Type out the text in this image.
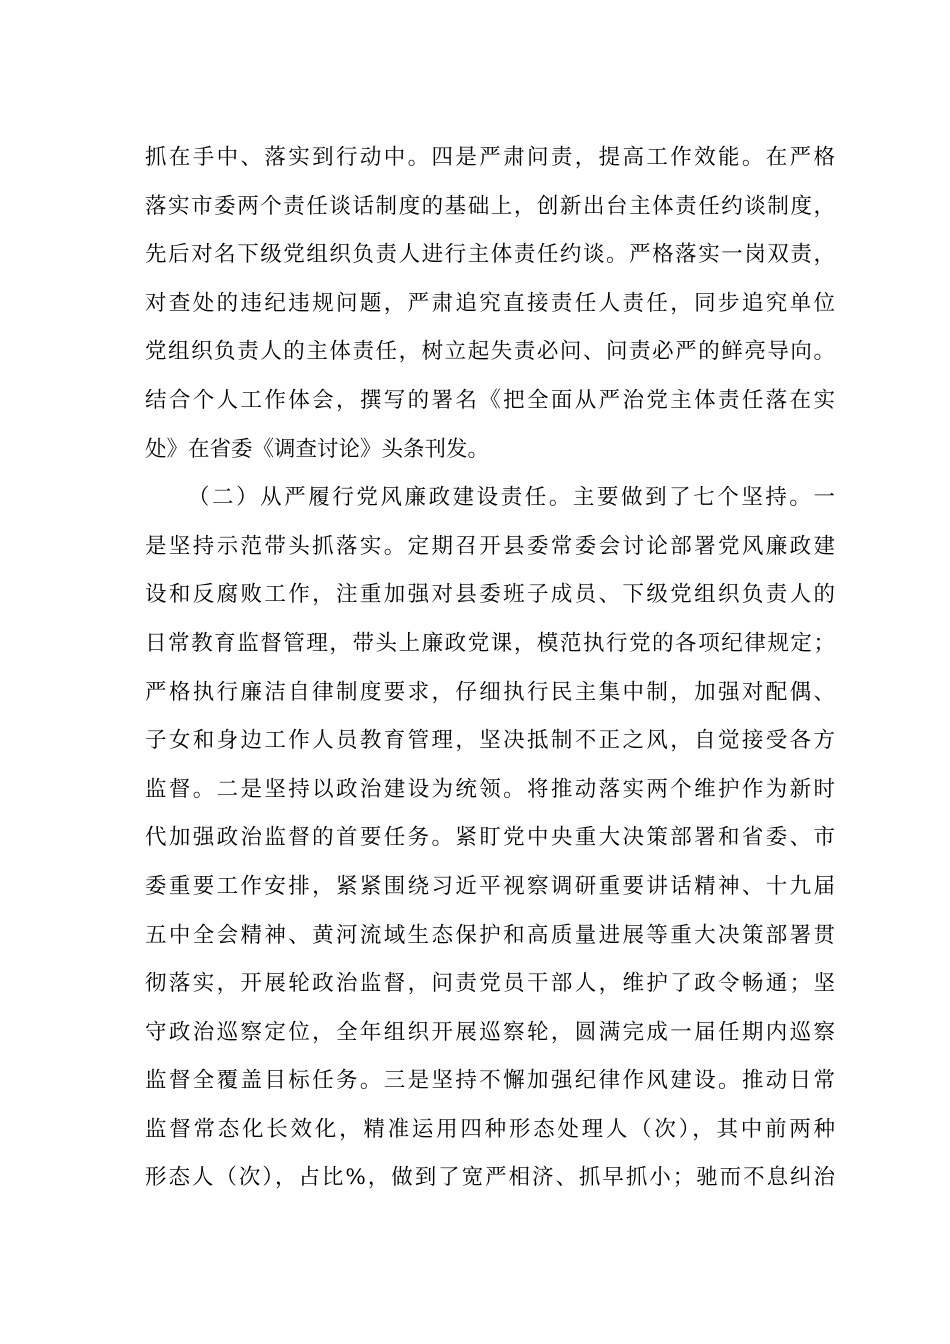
抓在手中、落实到行动中。四是严肃问责，提高工作效能。在严格
落实市委两个责任谈话制度的基础上，创新出台主体责任约谈制度，
先后对名下级党组织负责人进行主体责任约谈。严格落实一岗双责，
对查处的违纪违规问题，严肃追究直接责任人责任，同步追究单位
党组织负责人的主体责任，树立起失责必问、问责必严的鲜亮导向。
结合个人工作体会，撰写的署名《把全面从严治党主体责任落在实
处》在省委《调查讨论》头条刊发。
（二）从严履行党风廉政建设责任。主要做到了七个坚持。一
是坚持示范带头抓落实。定期召开县委常委会讨论部署党风廉政建
设和反腐败工作，注重加强对县委班子成员、下级党组织负责人的
日常教育监督管理，带头上廉政党课，模范执行党的各项纪律规定；
严格执行廉洁自律制度要求，仔细执行民主集中制，加强对配偶、
子女和身边工作人员教育管理，坚决抵制不正之风，自觉接受各方
监督。二是坚持以政治建设为统领。将推动落实两个维护作为新时
代加强政治监督的首要任务。紧盯党中央重大决策部署和省委、市
委重要工作安排，紧紧围绕习近平视察调研重要讲话精神、十九届
五中全会精神、黄河流域生态保护和高质量进展等重大决策部署贯
彻落实，开展轮政治监督，问责党员干部人，维护了政令畅通；坚
守政治巡察定位，全年组织开展巡察轮，圆满完成一届任期内巡察
监督全覆盖目标任务。三是坚持不懈加强纪律作风建设。推动日常
监督常态化长效化，精准运用四种形态处理人（次），其中前两种
形态人（次），占比%，做到了宽严相济、抓早抓小；驰而不息纠治
